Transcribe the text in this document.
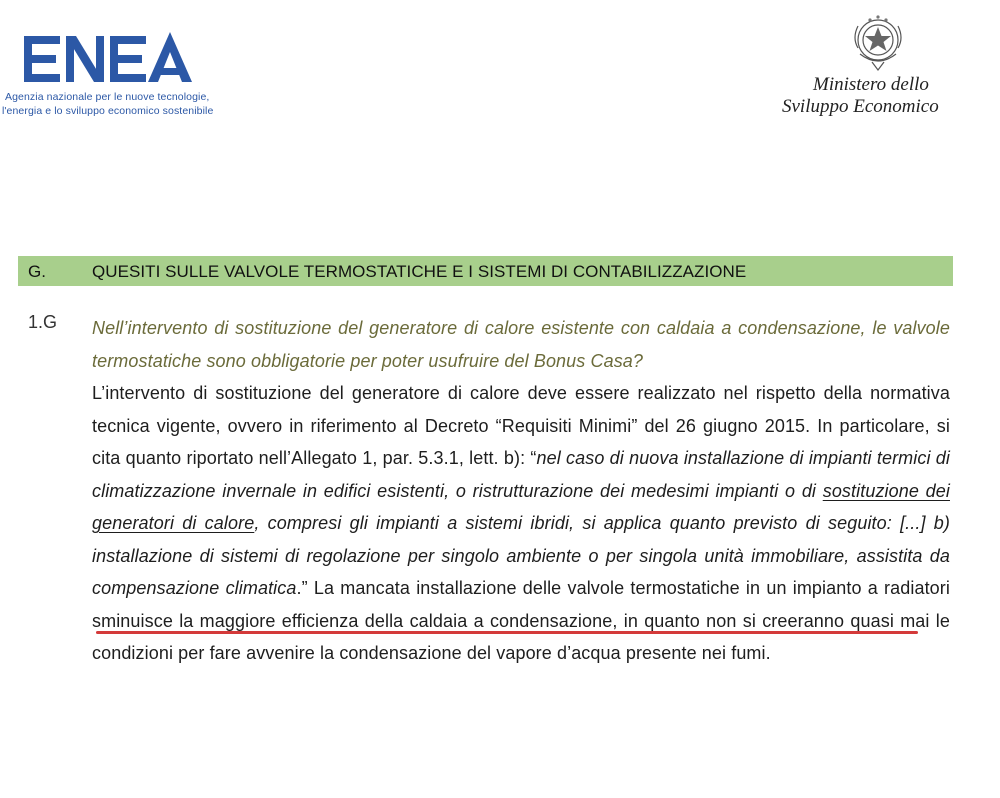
Agenzia nazionale per le nuove tecnologie,
l'energia e lo sviluppo economico sostenibile
Ministero dello
Sviluppo Economico
G.	QUESITI SULLE VALVOLE TERMOSTATICHE E I SISTEMI DI CONTABILIZZAZIONE
1.G Nell’intervento di sostituzione del generatore di calore esistente con caldaia a condensazione, le valvole termostatiche sono obbligatorie per poter usufruire del Bonus Casa?
L’intervento di sostituzione del generatore di calore deve essere realizzato nel rispetto della normativa tecnica vigente, ovvero in riferimento al Decreto “Requisiti Minimi” del 26 giugno 2015. In particolare, si cita quanto riportato nell’Allegato 1, par. 5.3.1, lett. b): “nel caso di nuova installazione di impianti termici di climatizzazione invernale in edifici esistenti, o ristrutturazione dei medesimi impianti o di sostituzione dei generatori di calore, compresi gli impianti a sistemi ibridi, si applica quanto previsto di seguito: [...] b) installazione di sistemi di regolazione per singolo ambiente o per singola unità immobiliare, assistita da compensazione climatica.” La mancata installazione delle valvole termostatiche in un impianto a radiatori sminuisce la maggiore efficienza della caldaia a condensazione, in quanto non si creeranno quasi mai le condizioni per fare avvenire la condensazione del vapore d’acqua presente nei fumi.
